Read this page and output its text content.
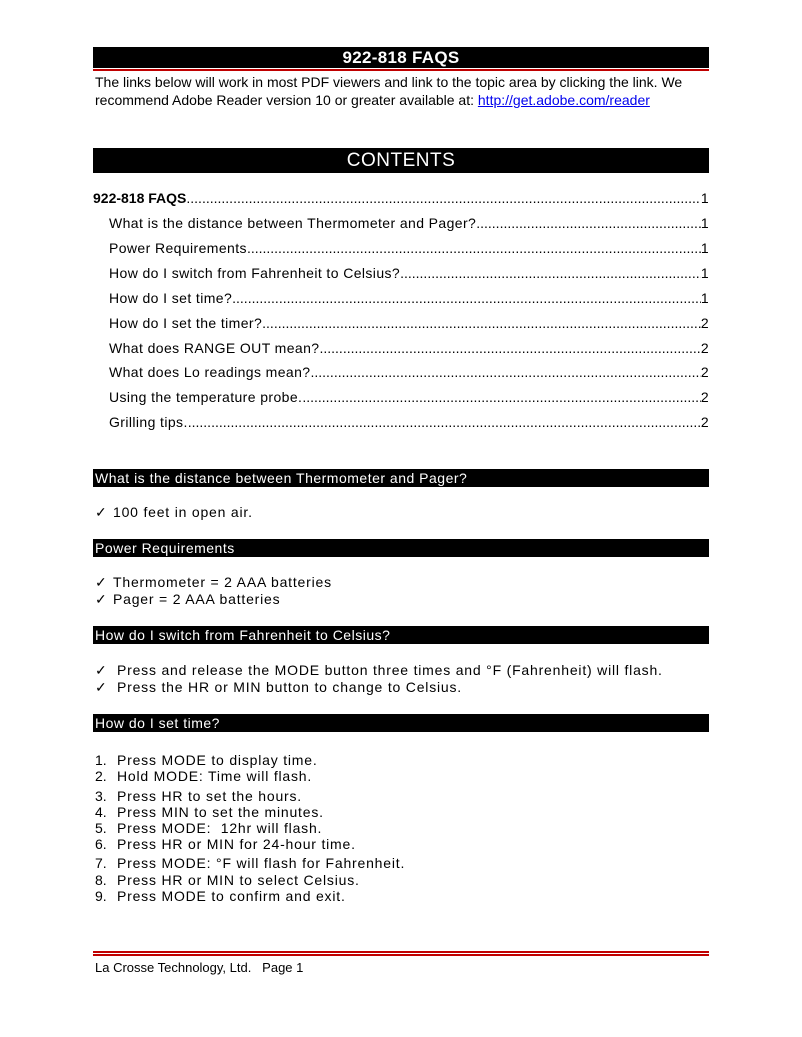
922-818 FAQS
The links below will work in most PDF viewers and link to the topic area by clicking the link. We recommend Adobe Reader version 10 or greater available at: http://get.adobe.com/reader
CONTENTS
922-818 FAQS .....	1
What is the distance between Thermometer and Pager? .....	1
Power Requirements .....	1
How do I switch from Fahrenheit to Celsius? .....	1
How do I set time? .....	1
How do I set the timer? .....	2
What does RANGE OUT mean? .....	2
What does Lo readings mean? .....	2
Using the temperature probe. .....	2
Grilling tips. .....	2
What is the distance between Thermometer and Pager?
✓ 100 feet in open air.
Power Requirements
✓ Thermometer = 2 AAA batteries
✓ Pager = 2 AAA batteries
How do I switch from Fahrenheit to Celsius?
✓ Press and release the MODE button three times and °F (Fahrenheit) will flash.
✓ Press the HR or MIN button to change to Celsius.
How do I set time?
1. Press MODE to display time.
2. Hold MODE: Time will flash.
3. Press HR to set the hours.
4. Press MIN to set the minutes.
5. Press MODE:  12hr will flash.
6. Press HR or MIN for 24-hour time.
7. Press MODE: °F will flash for Fahrenheit.
8. Press HR or MIN to select Celsius.
9. Press MODE to confirm and exit.
La Crosse Technology, Ltd.   Page 1
